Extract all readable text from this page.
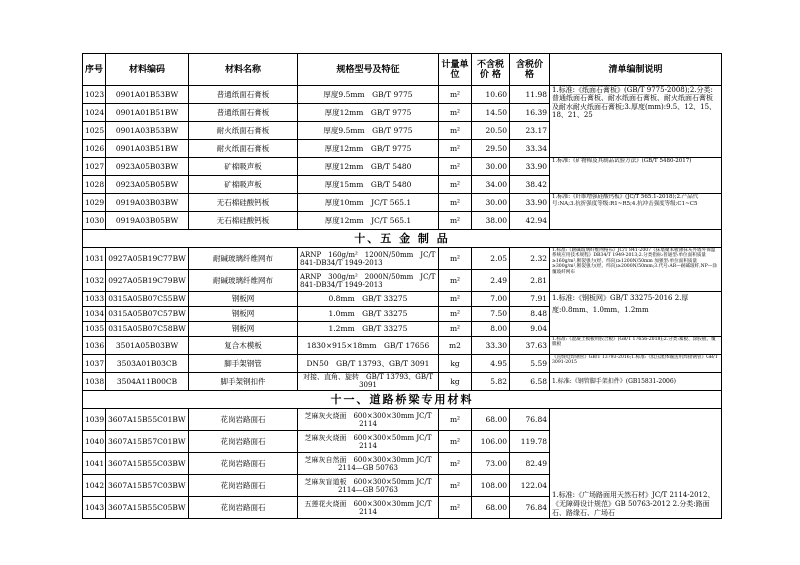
序号	材料编码	材料名称	规格型号及特征	计量单位	不含税价 格	含税价格	清单编制说明
1023	0901A01B53BW	普通纸面石膏板	厚度9.5mm　GB/T 9775	m²	10.60	11.98	1.标准:《纸面石膏板》(GB/T 9775-2008);2.分类:普通纸面石膏板、耐水纸面石膏板、耐火纸面石膏板及耐水耐火纸面石膏板;3.厚度(mm):9.5、12、15、18、21、25
1024	0901A01B51BW	普通纸面石膏板	厚度12mm　GB/T 9775	m²	14.50	16.39	
1025	0901A03B53BW	耐火纸面石膏板	厚度9.5mm　GB/T 9775	m²	20.50	23.17	
1026	0901A03B51BW	耐火纸面石膏板	厚度12mm　GB/T 9775	m²	29.50	33.34	
1027	0923A05B03BW	矿棉吸声板	厚度12mm　GB/T 5480	m²	30.00	33.90	1.标准:《矿物棉及其制品试验方法》(GB/T 5480-2017)
1028	0923A05B05BW	矿棉吸声板	厚度15mm　GB/T 5480	m²	34.00	38.42	
1029	0919A03B03BW	无石棉硅酸钙板	厚度10mm　JC/T 565.1	m²	30.00	33.90	1.标准:《纤维增强硅酸钙板》(JC/T 565.1-2018);2.产品代号:NA;3.抗折强度等级:R1~R5;4.抗冲击强度等级:C1~C5
1030	0919A03B05BW	无石棉硅酸钙板	厚度12mm　JC/T 565.1	m²	38.00	42.94	
十、五 金 制 品							
1031	0927A05B19C77BW	耐碱玻璃纤维网布	ARNP　160g/m²　1200N/50mm　JC/T 841-DB34/T 1949-2013	m²	2.05	2.32	1.标准:《耐碱玻璃纤维网格布》JC/T 841-2007《抹墙聚苯板薄抹灰外墙外保温系统应用技术规程》DB34/T 1949-2013;2.分类指标:普通型:单位面积质量≥160g/m²,断裂强力(经、纬向)≥1200N/50mm 加强型:单位面积质量≥300g/m²,断裂强力(经、纬向)≥2000N/50mm;3.代号:AR—耐碱玻纤,NP—涂覆玻纤网布
1032	0927A05B19C79BW	耐碱玻璃纤维网布	ARNP　300g/m²　2000N/50mm　JC/T 841-DB34/T 1949-2013	m²	2.49	2.81	
1033	0315A05B07C55BW	钢板网	0.8mm　GB/T 33275	m²	7.00	7.91	1.标准:《钢板网》GB/T 33275-2016 2.厚度:0.8mm、1.0mm、1.2mm
1034	0315A05B07C57BW	钢板网	1.0mm　GB/T 33275	m²	7.50	8.48	
1035	0315A05B07C58BW	钢板网	1.2mm　GB/T 33275	m²	8.00	9.04	
1036	3501A05B03BW	复合木模板	1830×915×18mm　GB/T 17656	m2	33.30	37.63	1.标准:《混凝土模板用胶合板》(GB/T 17656-2018);2.分类:素板、涂胶板、覆膜板
1037	3503A01B03CB	脚手架钢管	DN50　GB/T 13793、GB/T 3091	kg	4.95	5.59	《直缝电焊钢管》GB/T 13793-2016;1.标准:《低压流体输送用焊接钢管》GB/T 3091-2015
1038	3504A11B00CB	脚手架钢扣件	对接、直角、旋转　GB/T 13793、GB/T 3091	kg	5.82	6.58	1.标准:《钢管脚手架扣件》(GB15831-2006)
十一、道路桥梁专用材料							
1039	3607A15B55C01BW	花岗岩路面石	芝麻灰火烧面　600×300×30mm JC/T 2114	m²	68.00	76.84	1.标准:《广场路面用天然石材》JC/T 2114-2012、《无障碍设计规范》GB 50763-2012 2.分类:路面石、路缘石、广场石
1040	3607A15B57C01BW	花岗岩路面石	芝麻灰火烧面　600×300×50mm JC/T 2114	m²	106.00	119.78	
1041	3607A15B55C03BW	花岗岩路面石	芝麻灰自然面　600×300×30mm JC/T 2114—GB 50763	m²	73.00	82.49	
1042	3607A15B57C03BW	花岗岩路面石	芝麻灰盲道板　600×300×50mm JC/T 2114—GB 50763	m²	108.00	122.04	
1043	3607A15B55C05BW	花岗岩路面石	五莲花火烧面　600×300×30mm JC/T 2114	m²	68.00	76.84	
